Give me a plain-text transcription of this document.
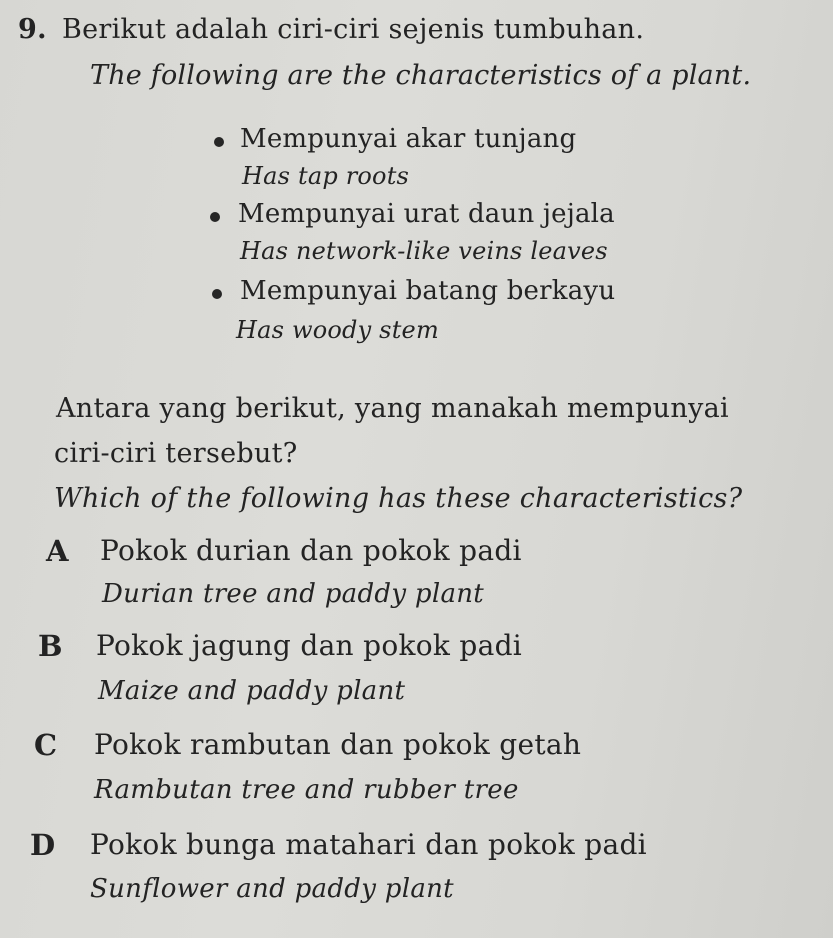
9. Berikut adalah ciri-ciri sejenis tumbuhan.
The following are the characteristics of a plant.
Mempunyai akar tunjang
Has tap roots
Mempunyai urat daun jejala
Has network-like veins leaves
Mempunyai batang berkayu
Has woody stem
Antara yang berikut, yang manakah mempunyai
ciri-ciri tersebut?
Which of the following has these characteristics?
A Pokok durian dan pokok padi
Durian tree and paddy plant
B Pokok jagung dan pokok padi
Maize and paddy plant
C Pokok rambutan dan pokok getah
Rambutan tree and rubber tree
D Pokok bunga matahari dan pokok padi
Sunflower and paddy plant
